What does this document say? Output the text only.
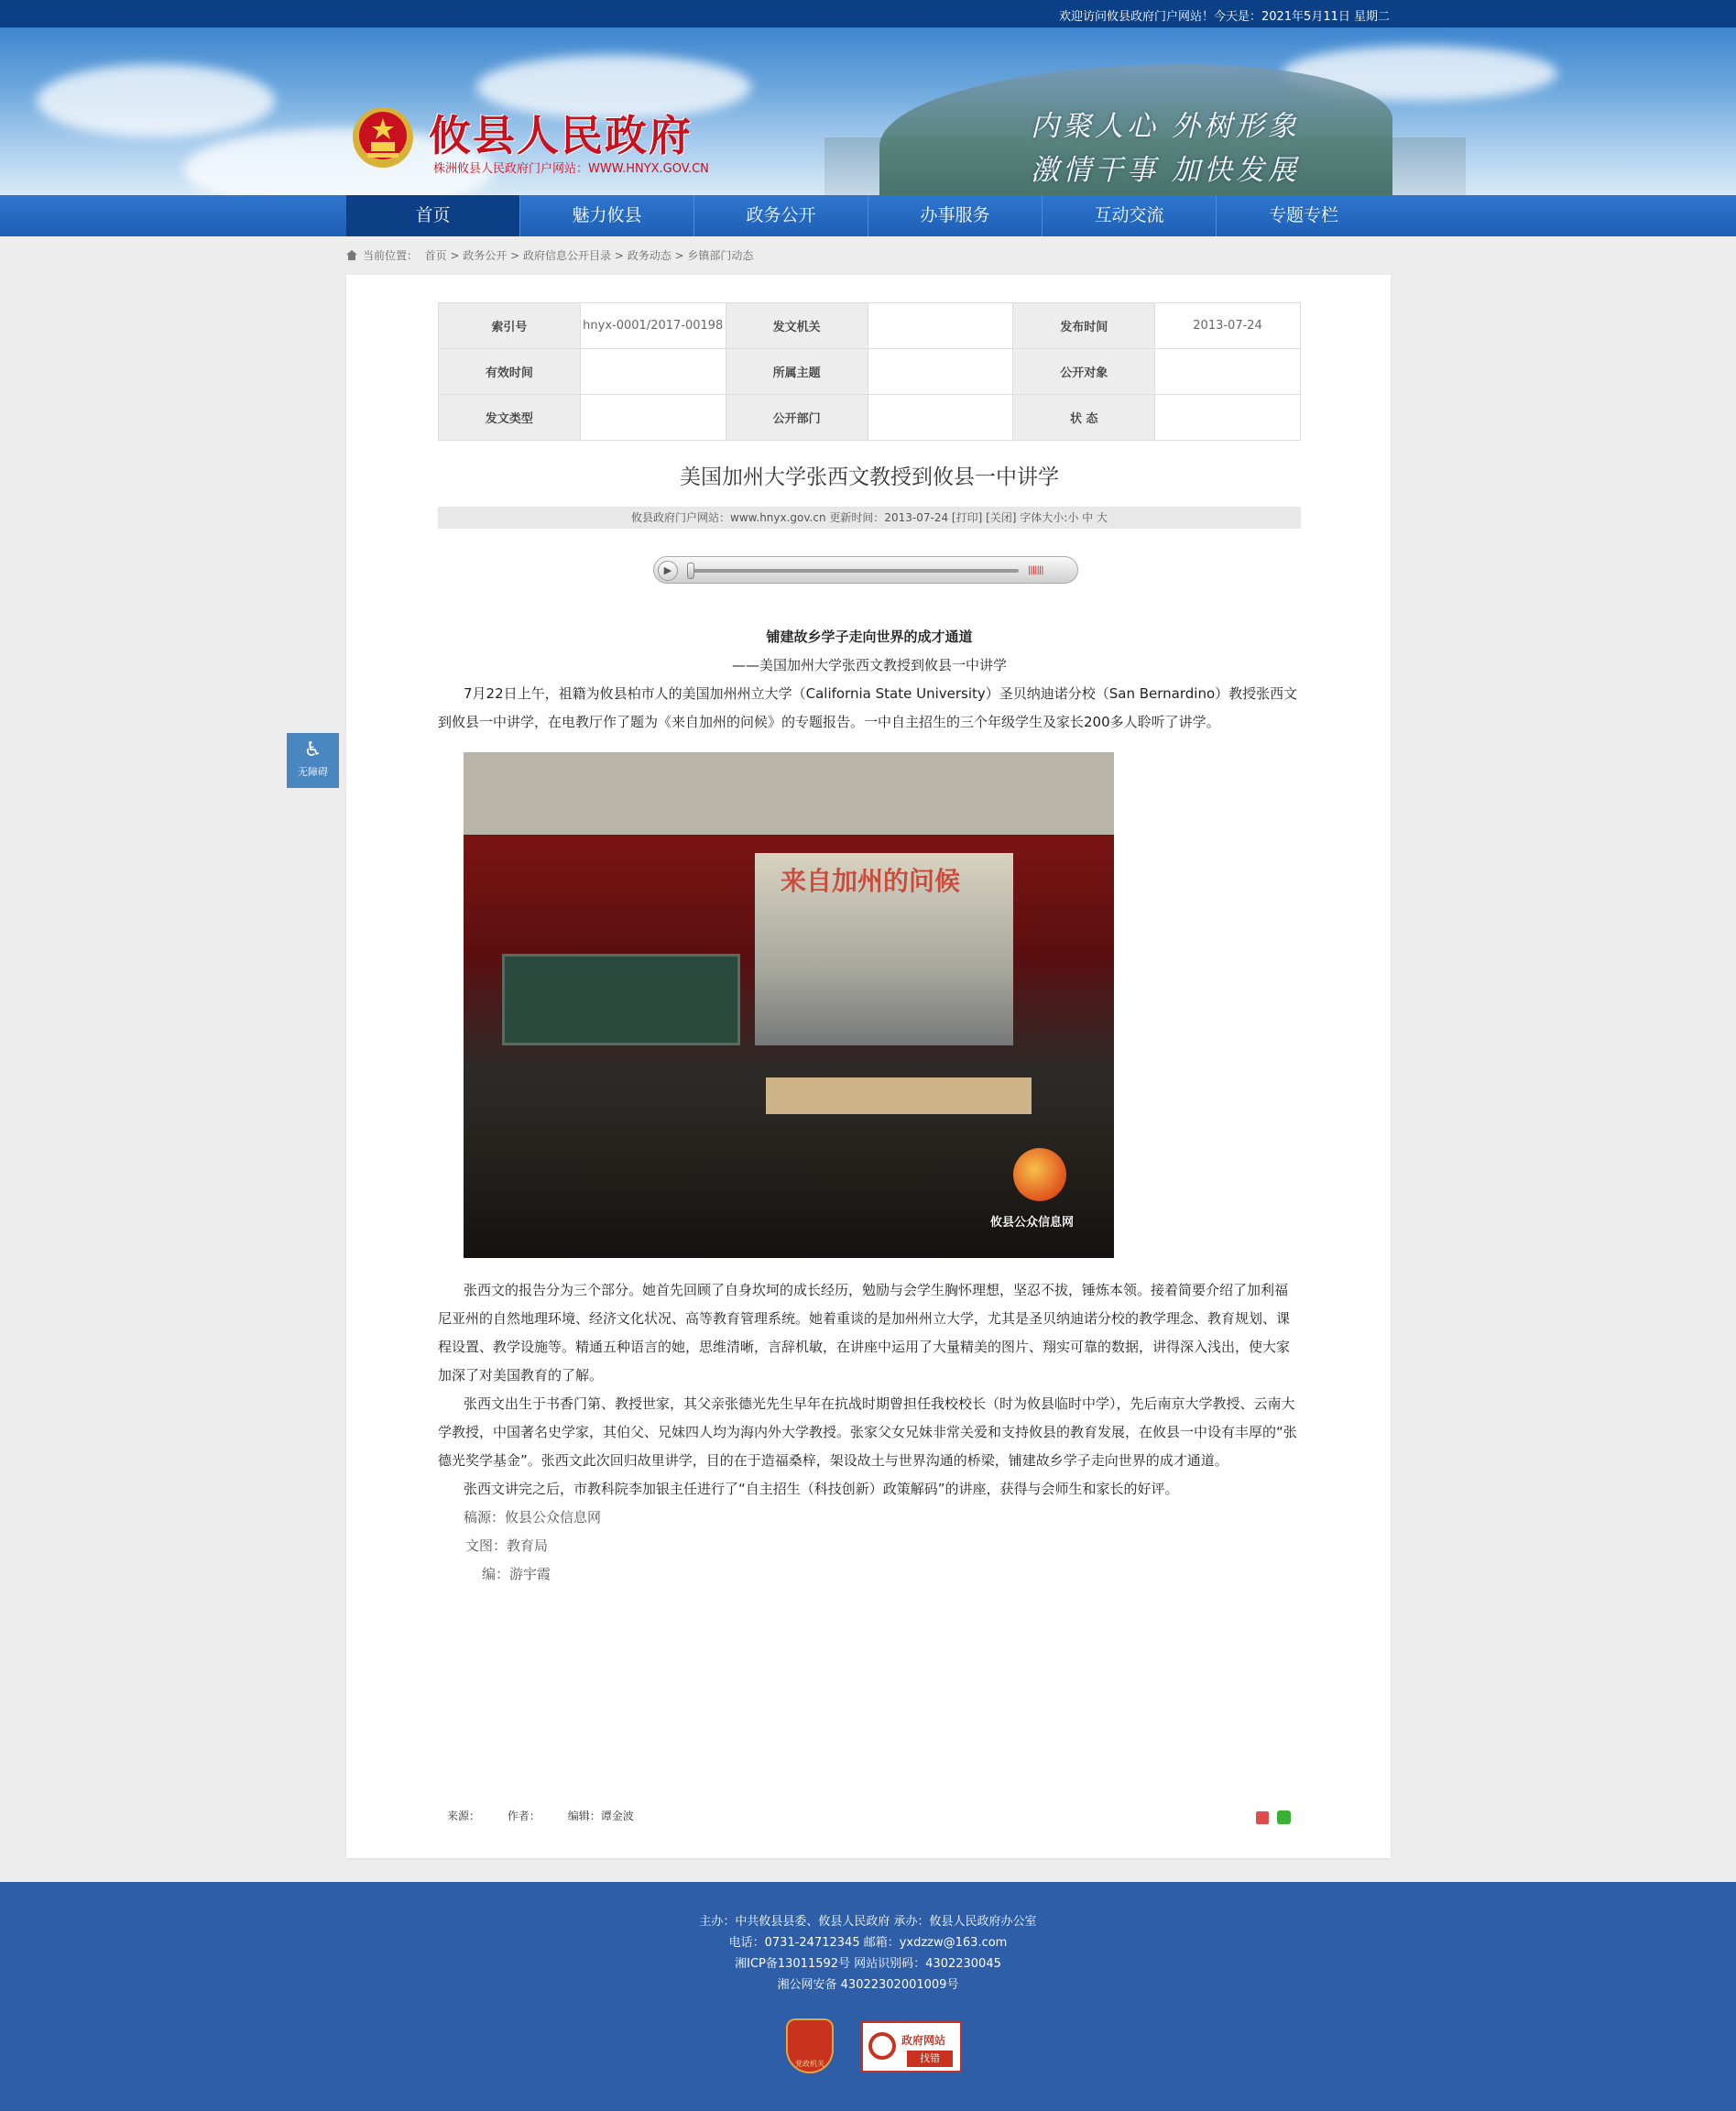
欢迎访问攸县政府门户网站！今天是：2021年5月11日 星期二
攸县人民政府
株洲攸县人民政府门户网站：WWW.HNYX.GOV.CN
内聚人心 外树形象
激情干事 加快发展
首页	魅力攸县	政务公开	办事服务	互动交流	专题专栏
当前位置： 首页 > 政务公开 > 政府信息公开目录 > 政务动态 > 乡镇部门动态
♿
无障碍
索引号	hnyx-0001/2017-00198	发文机关		发布时间	2013-07-24
有效时间		所属主题		公开对象	
发文类型		公开部门		状 态	
美国加州大学张西文教授到攸县一中讲学
攸县政府门户网站：www.hnyx.gov.cn 更新时间：2013-07-24 [打印] [关闭] 字体大小:小 中 大
▶	|||||||

铺建故乡学子走向世界的成才通道

——美国加州大学张西文教授到攸县一中讲学

7月22日上午，祖籍为攸县柏市人的美国加州州立大学（California State University）圣贝纳迪诺分校（San Bernardino）教授张西文到攸县一中讲学，在电教厅作了题为《来自加州的问候》的专题报告。一中自主招生的三个年级学生及家长200多人聆听了讲学。

来自加州的问候
攸县公众信息网

张西文的报告分为三个部分。她首先回顾了自身坎坷的成长经历，勉励与会学生胸怀理想，坚忍不拔，锤炼本领。接着简要介绍了加利福尼亚州的自然地理环境、经济文化状况、高等教育管理系统。她着重谈的是加州州立大学，尤其是圣贝纳迪诺分校的教学理念、教育规划、课程设置、教学设施等。精通五种语言的她，思维清晰，言辞机敏，在讲座中运用了大量精美的图片、翔实可靠的数据，讲得深入浅出，使大家加深了对美国教育的了解。

张西文出生于书香门第、教授世家，其父亲张德光先生早年在抗战时期曾担任我校校长（时为攸县临时中学），先后南京大学教授、云南大学教授，中国著名史学家，其伯父、兄妹四人均为海内外大学教授。张家父女兄妹非常关爱和支持攸县的教育发展，在攸县一中设有丰厚的“张德光奖学基金”。张西文此次回归故里讲学，目的在于造福桑梓，架设故土与世界沟通的桥梁，铺建故乡学子走向世界的成才通道。

张西文讲完之后，市教科院李加银主任进行了“自主招生（科技创新）政策解码”的讲座，获得与会师生和家长的好评。

稿源：攸县公众信息网

文图：教育局

编：游宇霞

来源： 作者： 编辑：谭金波
主办：中共攸县县委、攸县人民政府 承办：攸县人民政府办公室
电话：0731-24712345 邮箱：yxdzzw@163.com
湘ICP备13011592号 网站识别码：4302230045
湘公网安备 43022302001009号
党政机关
政府网站
找错
